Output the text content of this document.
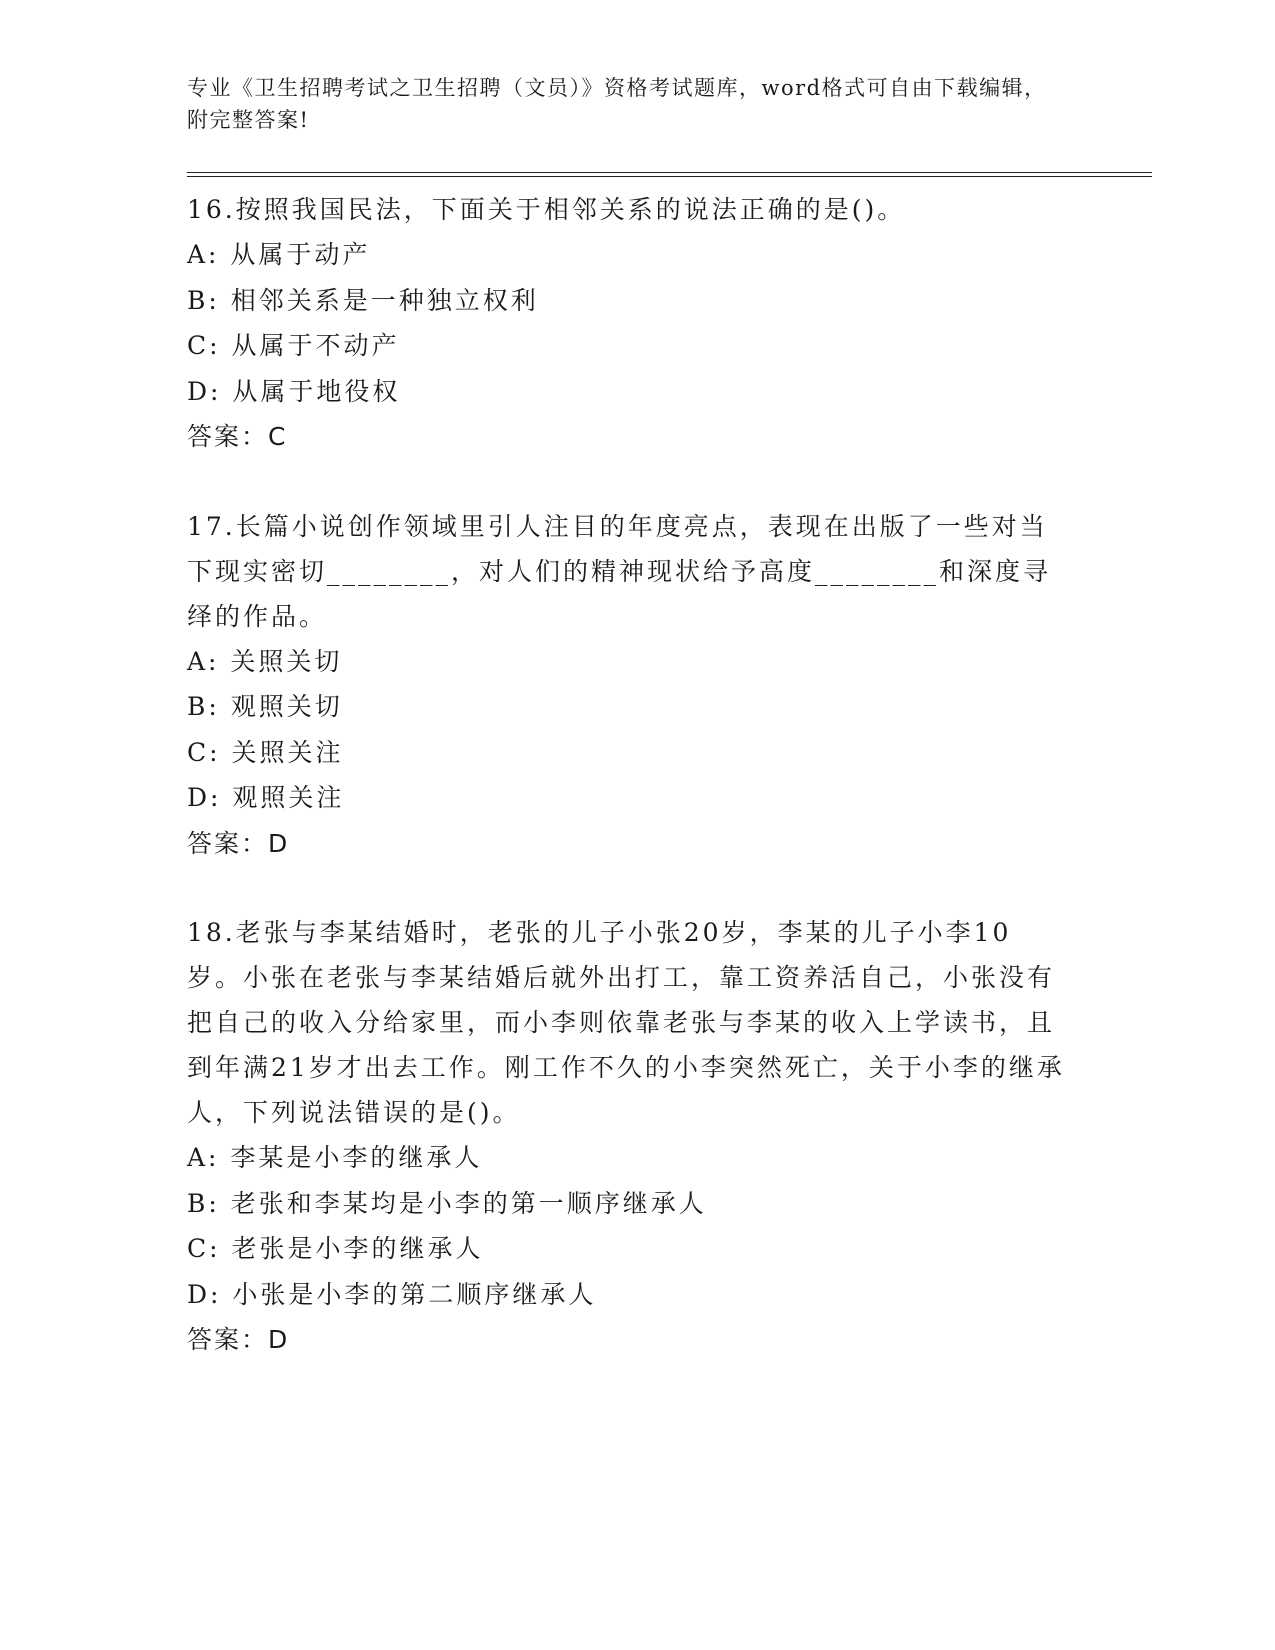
专业《卫生招聘考试之卫生招聘（文员）》资格考试题库，word格式可自由下载编辑，附完整答案!

16.按照我国民法，下面关于相邻关系的说法正确的是()。

A: 从属于动产

B: 相邻关系是一种独立权利

C: 从属于不动产

D: 从属于地役权

答案：C

17.长篇小说创作领域里引人注目的年度亮点，表现在出版了一些对当下现实密切________，对人们的精神现状给予高度________和深度寻绎的作品。

A: 关照关切

B: 观照关切

C: 关照关注

D: 观照关注

答案：D

18.老张与李某结婚时，老张的儿子小张20岁，李某的儿子小李10岁。小张在老张与李某结婚后就外出打工，靠工资养活自己，小张没有把自己的收入分给家里，而小李则依靠老张与李某的收入上学读书，且到年满21岁才出去工作。刚工作不久的小李突然死亡，关于小李的继承人，下列说法错误的是()。

A: 李某是小李的继承人

B: 老张和李某均是小李的第一顺序继承人

C: 老张是小李的继承人

D: 小张是小李的第二顺序继承人

答案：D
